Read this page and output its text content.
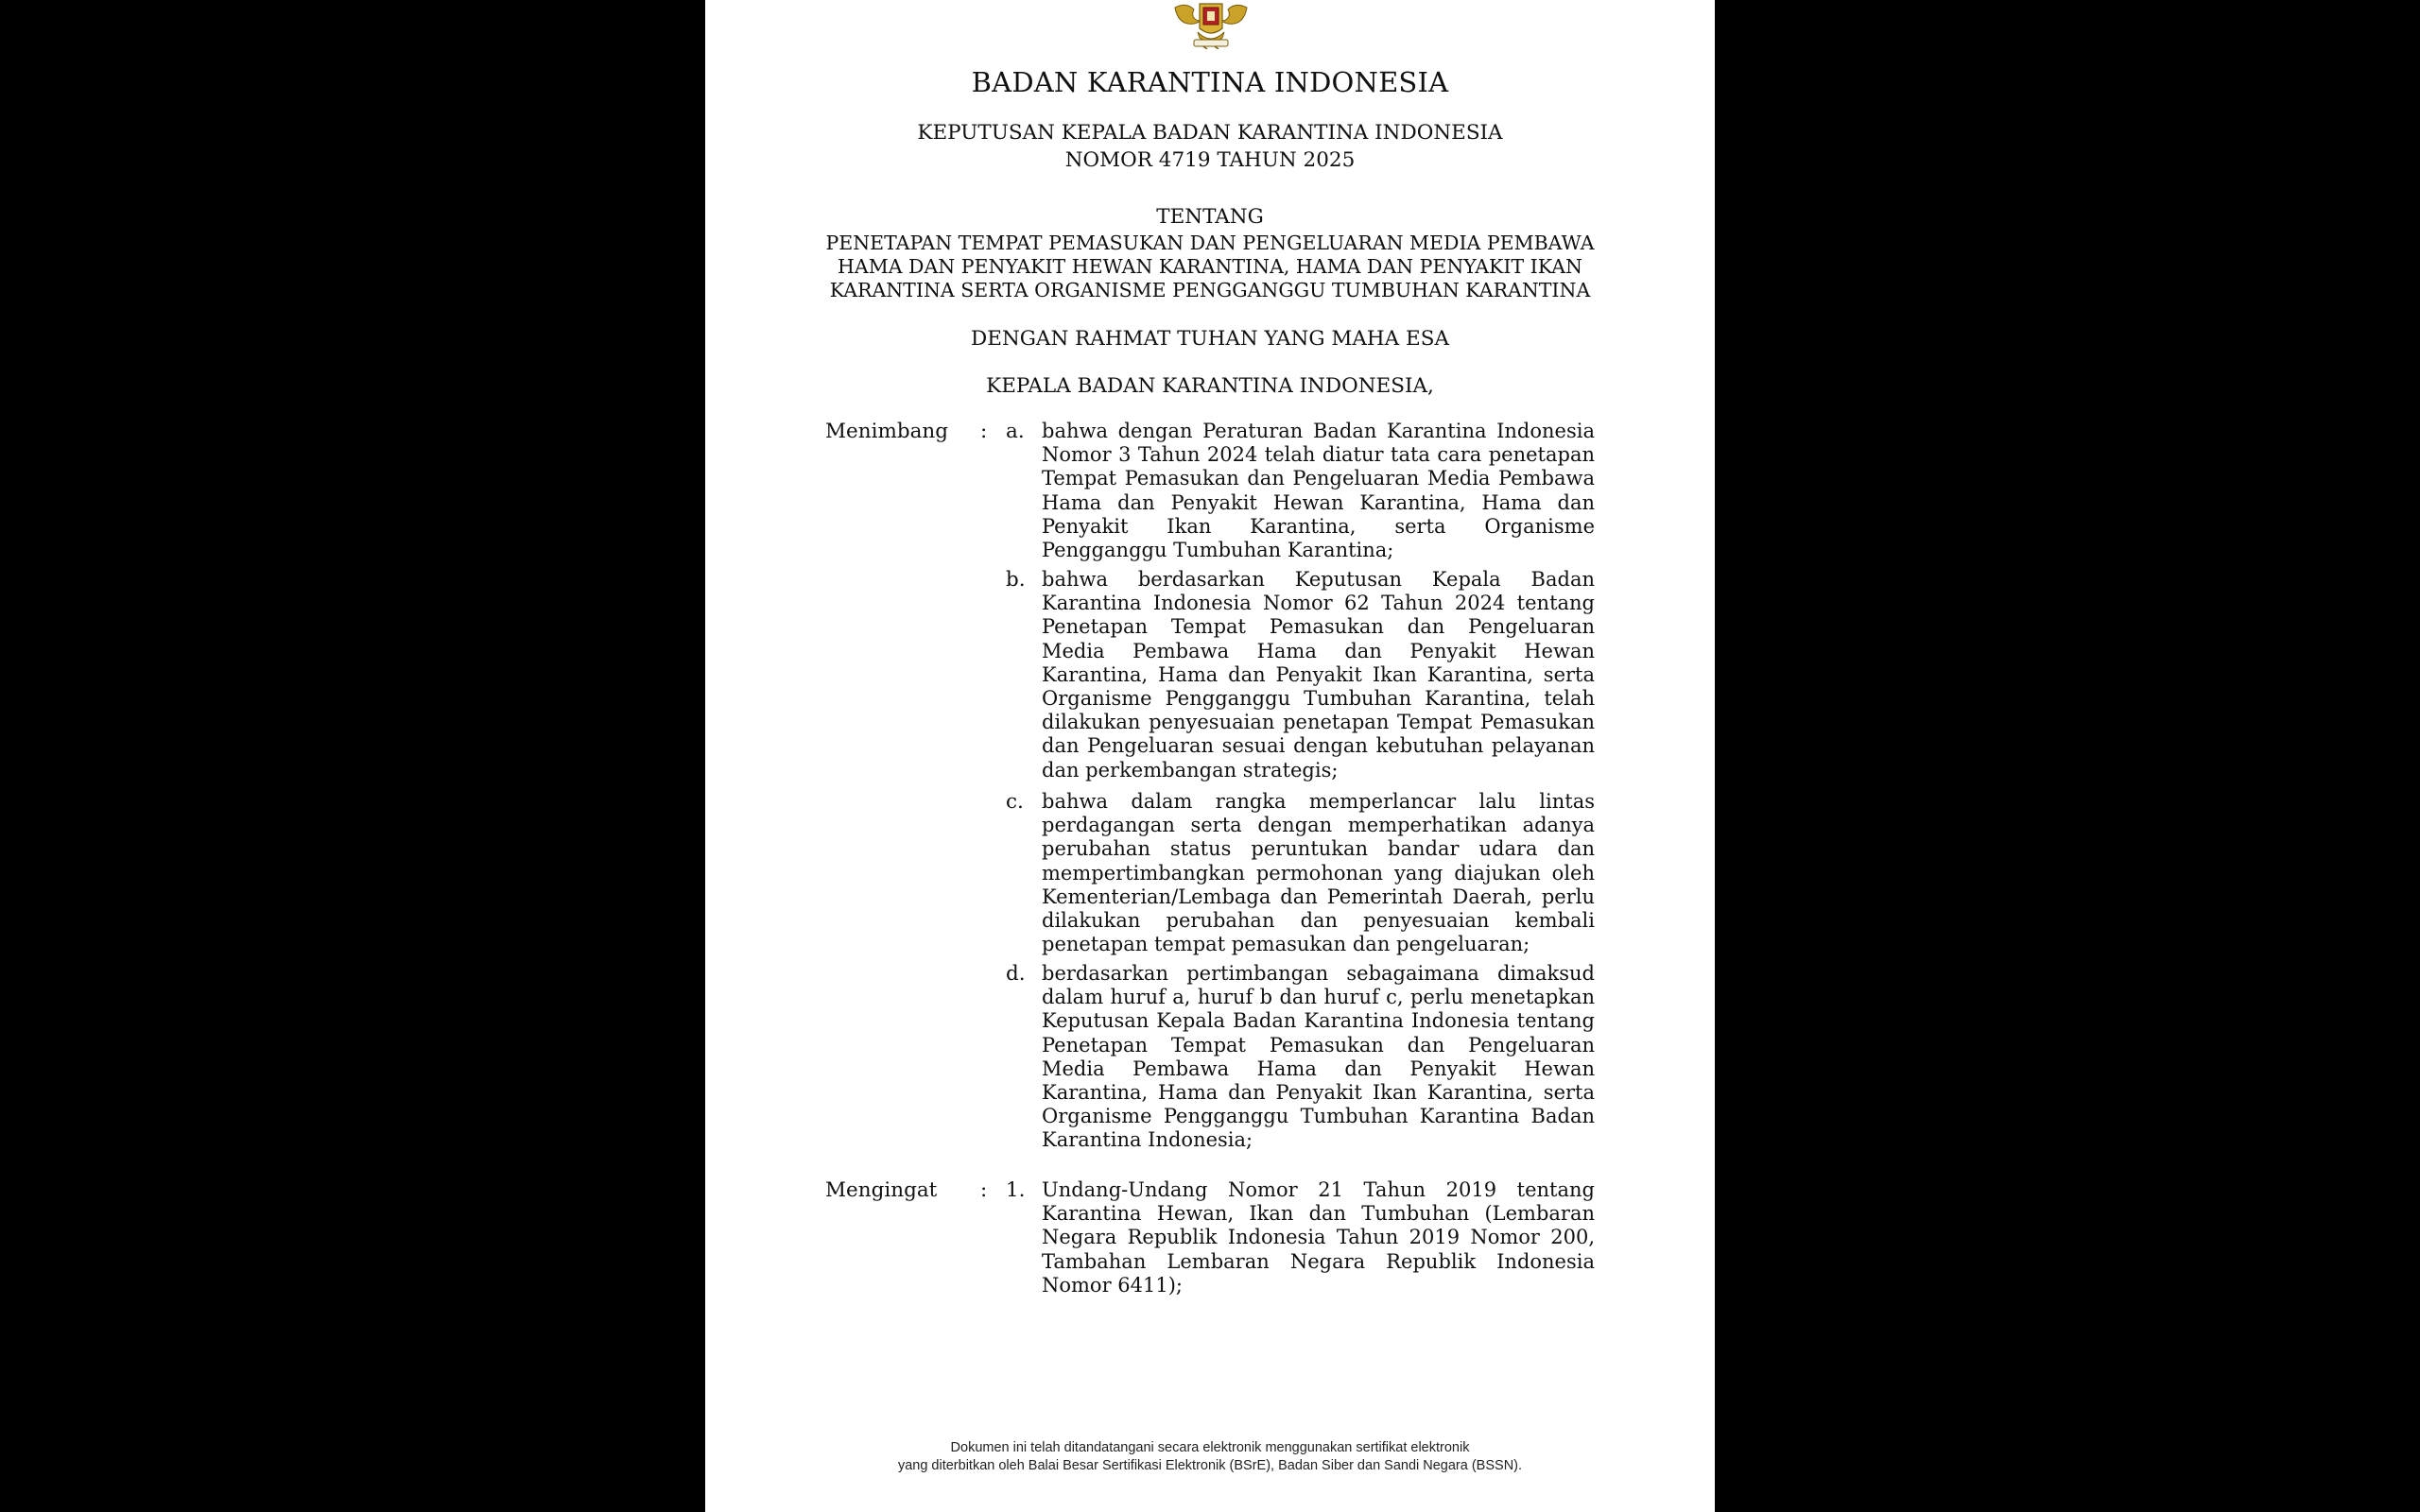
BADAN KARANTINA INDONESIA
KEPUTUSAN KEPALA BADAN KARANTINA INDONESIA
NOMOR 4719 TAHUN 2025
TENTANG
PENETAPAN TEMPAT PEMASUKAN DAN PENGELUARAN MEDIA PEMBAWA
HAMA DAN PENYAKIT HEWAN KARANTINA, HAMA DAN PENYAKIT IKAN
KARANTINA SERTA ORGANISME PENGGANGGU TUMBUHAN KARANTINA
DENGAN RAHMAT TUHAN YANG MAHA ESA
KEPALA BADAN KARANTINA INDONESIA,
Menimbang : a. bahwa dengan Peraturan Badan Karantina Indonesia Nomor 3 Tahun 2024 telah diatur tata cara penetapan Tempat Pemasukan dan Pengeluaran Media Pembawa Hama dan Penyakit Hewan Karantina, Hama dan Penyakit Ikan Karantina, serta Organisme Pengganggu Tumbuhan Karantina;
b. bahwa berdasarkan Keputusan Kepala Badan Karantina Indonesia Nomor 62 Tahun 2024 tentang Penetapan Tempat Pemasukan dan Pengeluaran Media Pembawa Hama dan Penyakit Hewan Karantina, Hama dan Penyakit Ikan Karantina, serta Organisme Pengganggu Tumbuhan Karantina, telah dilakukan penyesuaian penetapan Tempat Pemasukan dan Pengeluaran sesuai dengan kebutuhan pelayanan dan perkembangan strategis;
c. bahwa dalam rangka memperlancar lalu lintas perdagangan serta dengan memperhatikan adanya perubahan status peruntukan bandar udara dan mempertimbangkan permohonan yang diajukan oleh Kementerian/Lembaga dan Pemerintah Daerah, perlu dilakukan perubahan dan penyesuaian kembali penetapan tempat pemasukan dan pengeluaran;
d. berdasarkan pertimbangan sebagaimana dimaksud dalam huruf a, huruf b dan huruf c, perlu menetapkan Keputusan Kepala Badan Karantina Indonesia tentang Penetapan Tempat Pemasukan dan Pengeluaran Media Pembawa Hama dan Penyakit Hewan Karantina, Hama dan Penyakit Ikan Karantina, serta Organisme Pengganggu Tumbuhan Karantina Badan Karantina Indonesia;
Mengingat : 1. Undang-Undang Nomor 21 Tahun 2019 tentang Karantina Hewan, Ikan dan Tumbuhan (Lembaran Negara Republik Indonesia Tahun 2019 Nomor 200, Tambahan Lembaran Negara Republik Indonesia Nomor 6411);
Dokumen ini telah ditandatangani secara elektronik menggunakan sertifikat elektronik
yang diterbitkan oleh Balai Besar Sertifikasi Elektronik (BSrE), Badan Siber dan Sandi Negara (BSSN).
